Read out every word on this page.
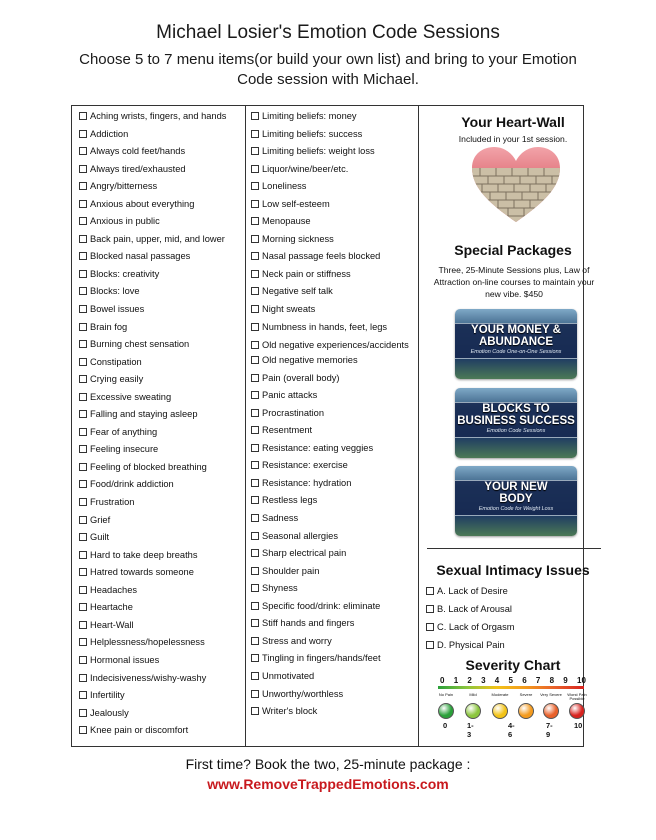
Michael Losier's Emotion Code Sessions
Choose 5 to 7 menu items(or build your own list) and bring to your Emotion Code session with Michael.
Aching wrists, fingers, and hands
Addiction
Always cold feet/hands
Always tired/exhausted
Angry/bitterness
Anxious about everything
Anxious in public
Back pain, upper, mid, and lower
Blocked nasal passages
Blocks: creativity
Blocks: love
Bowel issues
Brain fog
Burning chest sensation
Constipation
Crying easily
Excessive sweating
Falling and staying asleep
Fear of anything
Feeling insecure
Feeling of blocked breathing
Food/drink addiction
Frustration
Grief
Guilt
Hard to take deep breaths
Hatred towards someone
Headaches
Heartache
Heart-Wall
Helplessness/hopelessness
Hormonal issues
Indecisiveness/wishy-washy
Infertility
Jealously
Knee pain or discomfort
Limiting beliefs: money
Limiting beliefs: success
Limiting beliefs: weight loss
Liquor/wine/beer/etc.
Loneliness
Low self-esteem
Menopause
Morning sickness
Nasal passage feels blocked
Neck pain or stiffness
Negative self talk
Night sweats
Numbness in hands, feet, legs
Old negative experiences/accidents
Old negative memories
Pain (overall body)
Panic attacks
Procrastination
Resentment
Resistance: eating veggies
Resistance: exercise
Resistance: hydration
Restless legs
Sadness
Seasonal allergies
Sharp electrical pain
Shoulder pain
Shyness
Specific food/drink: eliminate
Stiff hands and fingers
Stress and worry
Tingling in fingers/hands/feet
Unmotivated
Unworthy/worthless
Writer's block
Your Heart-Wall
Included in your 1st session.
Special Packages
Three, 25-Minute Sessions plus, Law of Attraction on-line courses to maintain your new vibe. $450
YOUR MONEY &
ABUNDANCE
Emotion Code One-on-One Sessions
BLOCKS TO
BUSINESS SUCCESS
Emotion Code Sessions
YOUR NEW
BODY
Emotion Code for Weight Loss
Sexual Intimacy Issues
A. Lack of Desire
B. Lack of Arousal
C. Lack of Orgasm
D. Physical Pain
Severity Chart
0 1 2 3 4 5 6 7 8 9 10
No Pain	Mild	Moderate	Severe	Very Severe	Worst Pain Possible
0	1-3
4-6
7-9
10
First time? Book the two, 25-minute package :
www.RemoveTrappedEmotions.com
